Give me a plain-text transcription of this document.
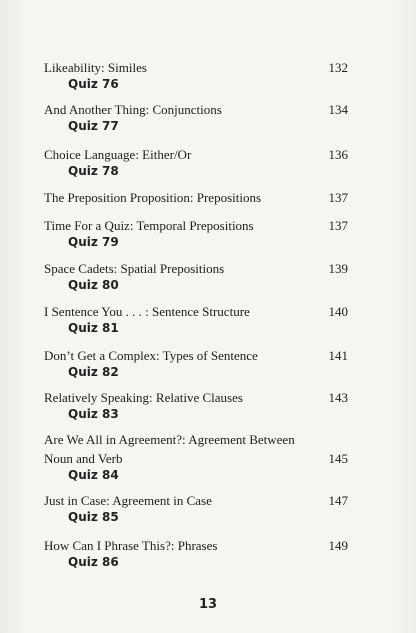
132
Likeability: Similes
Quiz 76
134
And Another Thing: Conjunctions
Quiz 77
136
Choice Language: Either/Or
Quiz 78
137
The Preposition Proposition: Prepositions
137
Time For a Quiz: Temporal Prepositions
Quiz 79
139
Space Cadets: Spatial Prepositions
Quiz 80
140
I Sentence You . . . : Sentence Structure
Quiz 81
141
Don’t Get a Complex: Types of Sentence
Quiz 82
143
Relatively Speaking: Relative Clauses
Quiz 83
145
Are We All in Agreement?: Agreement Between Noun and Verb
Quiz 84
147
Just in Case: Agreement in Case
Quiz 85
149
How Can I Phrase This?: Phrases
Quiz 86
13
